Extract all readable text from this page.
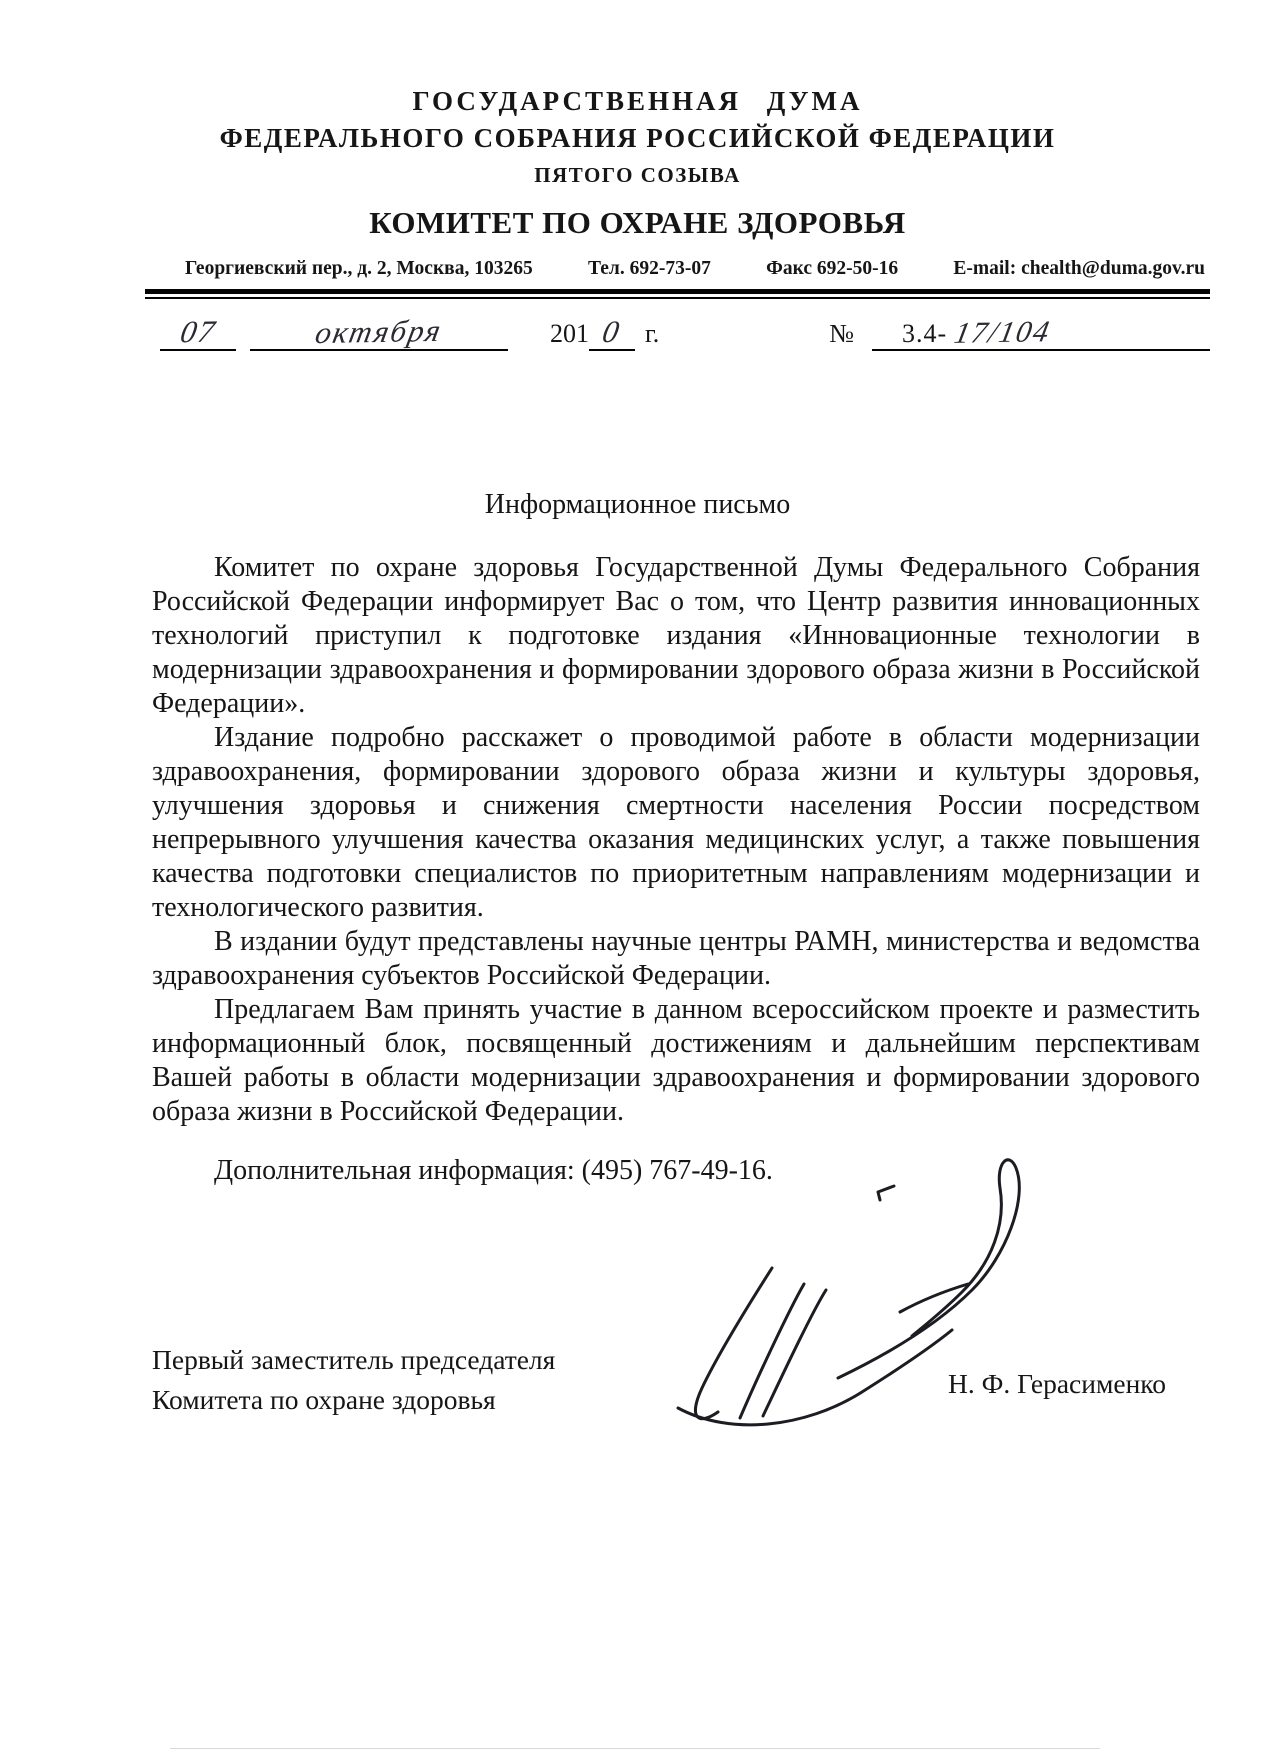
ГОСУДАРСТВЕННАЯ ДУМА
ФЕДЕРАЛЬНОГО СОБРАНИЯ РОССИЙСКОЙ ФЕДЕРАЦИИ
ПЯТОГО СОЗЫВА
КОМИТЕТ ПО ОХРАНЕ ЗДОРОВЬЯ
Георгиевский пер., д. 2, Москва, 103265	Тел. 692-73-07	Факс 692-50-16	E-mail: chealth@duma.gov.ru
07	октября	201 0 г.	№	3.4- 17/104
Информационное письмо

Комитет по охране здоровья Государственной Думы Федерального Собрания Российской Федерации информирует Вас о том, что Центр развития инновационных технологий приступил к подготовке издания «Инновационные технологии в модернизации здравоохранения и формировании здорового образа жизни в Российской Федерации».

Издание подробно расскажет о проводимой работе в области модернизации здравоохранения, формировании здорового образа жизни и культуры здоровья, улучшения здоровья и снижения смертности населения России посредством непрерывного улучшения качества оказания медицинских услуг, а также повышения качества подготовки специалистов по приоритетным направлениям модернизации и технологического развития.

В издании будут представлены научные центры РАМН, министерства и ведомства здравоохранения субъектов Российской Федерации.

Предлагаем Вам принять участие в данном всероссийском проекте и разместить информационный блок, посвященный достижениям и дальнейшим перспективам Вашей работы в области модернизации здравоохранения и формировании здорового образа жизни в Российской Федерации.

Дополнительная информация: (495) 767-49-16.
Первый заместитель председателя
Комитета по охране здоровья
Н. Ф. Герасименко
